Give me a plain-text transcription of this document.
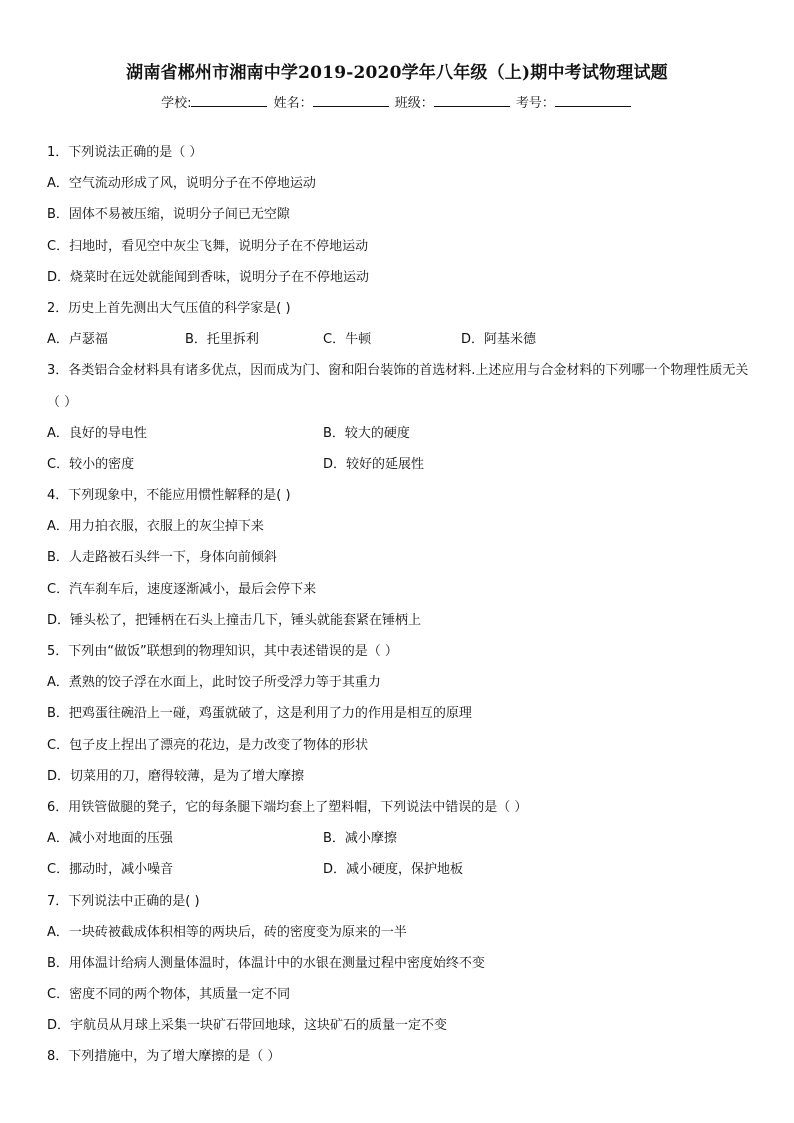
湖南省郴州市湘南中学2019-2020学年八年级（上)期中考试物理试题
学校:	姓名：	班级：	考号：
1．下列说法正确的是（ ）
A．空气流动形成了风，说明分子在不停地运动
B．固体不易被压缩，说明分子间已无空隙
C．扫地时，看见空中灰尘飞舞，说明分子在不停地运动
D．烧菜时在远处就能闻到香味，说明分子在不停地运动
2．历史上首先测出大气压值的科学家是( )
A．卢瑟福	B．托里拆利	C．牛顿	D．阿基米德
3．各类铝合金材料具有诸多优点，因而成为门、窗和阳台装饰的首选材料.上述应用与合金材料的下列哪一个物理性质无关（ ）
A．良好的导电性	B．较大的硬度
C．较小的密度	D．较好的延展性
4．下列现象中，不能应用惯性解释的是( )
A．用力拍衣服，衣服上的灰尘掉下来
B．人走路被石头绊一下，身体向前倾斜
C．汽车刹车后，速度逐渐减小，最后会停下来
D．锤头松了，把锤柄在石头上撞击几下，锤头就能套紧在锤柄上
5．下列由“做饭”联想到的物理知识，其中表述错误的是（ ）
A．煮熟的饺子浮在水面上，此时饺子所受浮力等于其重力
B．把鸡蛋往碗沿上一碰，鸡蛋就破了，这是利用了力的作用是相互的原理
C．包子皮上捏出了漂亮的花边，是力改变了物体的形状
D．切菜用的刀，磨得较薄，是为了增大摩擦
6．用铁管做腿的凳子，它的每条腿下端均套上了塑料帽，下列说法中错误的是（ ）
A．减小对地面的压强	B．减小摩擦
C．挪动时，减小噪音	D．减小硬度，保护地板
7．下列说法中正确的是( )
A．一块砖被截成体积相等的两块后，砖的密度变为原来的一半
B．用体温计给病人测量体温时，体温计中的水银在测量过程中密度始终不变
C．密度不同的两个物体，其质量一定不同
D．宇航员从月球上采集一块矿石带回地球，这块矿石的质量一定不变
8．下列措施中，为了增大摩擦的是（ ）
